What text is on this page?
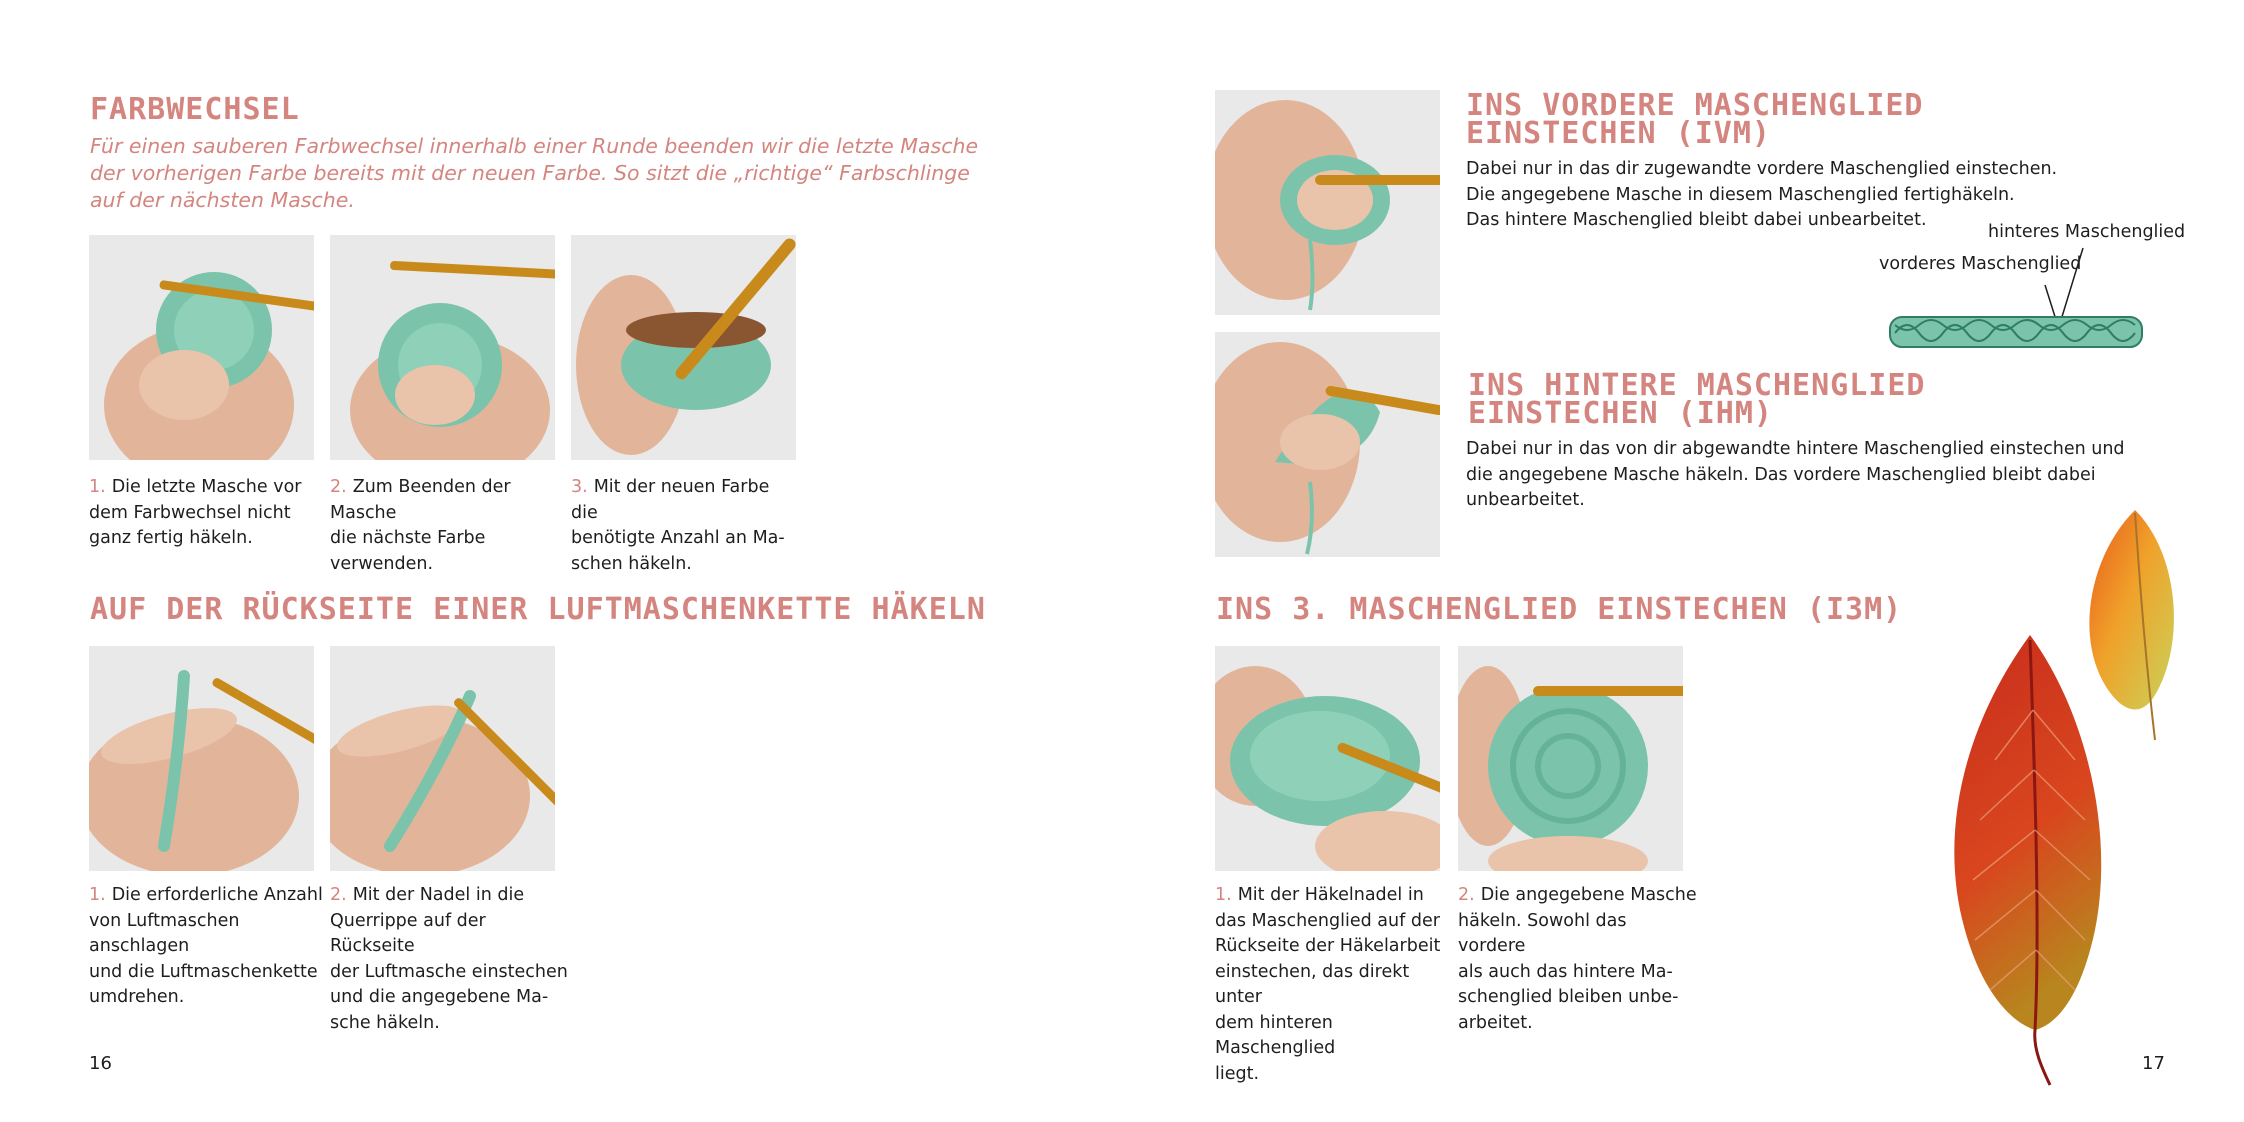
FARBWECHSEL
Für einen sauberen Farbwechsel innerhalb einer Runde beenden wir die letzte Masche
der vorherigen Farbe bereits mit der neuen Farbe. So sitzt die „richtige“ Farbschlinge
auf der nächsten Masche.
1. Die letzte Masche vor
dem Farbwechsel nicht
ganz fertig häkeln.
2. Zum Beenden der Masche
die nächste Farbe verwenden.
3. Mit der neuen Farbe die
benötigte Anzahl an Ma-
schen häkeln.
AUF DER RÜCKSEITE EINER LUFTMASCHENKETTE HÄKELN
1. Die erforderliche Anzahl
von Luftmaschen anschlagen
und die Luftmaschenkette
umdrehen.
2. Mit der Nadel in die
Querrippe auf der Rückseite
der Luftmasche einstechen
und die angegebene Ma-
sche häkeln.
16
INS VORDERE MASCHENGLIED
EINSTECHEN (IVM)
Dabei nur in das dir zugewandte vordere Maschenglied einstechen.
Die angegebene Masche in diesem Maschenglied fertighäkeln.
Das hintere Maschenglied bleibt dabei unbearbeitet.
hinteres Maschenglied
vorderes Maschenglied
INS HINTERE MASCHENGLIED
EINSTECHEN (IHM)
Dabei nur in das von dir abgewandte hintere Maschenglied einstechen und
die angegebene Masche häkeln. Das vordere Maschenglied bleibt dabei
unbearbeitet.
INS 3. MASCHENGLIED EINSTECHEN (I3M)
1. Mit der Häkelnadel in
das Maschenglied auf der
Rückseite der Häkelarbeit
einstechen, das direkt unter
dem hinteren Maschenglied
liegt.
2. Die angegebene Masche
häkeln. Sowohl das vordere
als auch das hintere Ma-
schenglied bleiben unbe-
arbeitet.
17
